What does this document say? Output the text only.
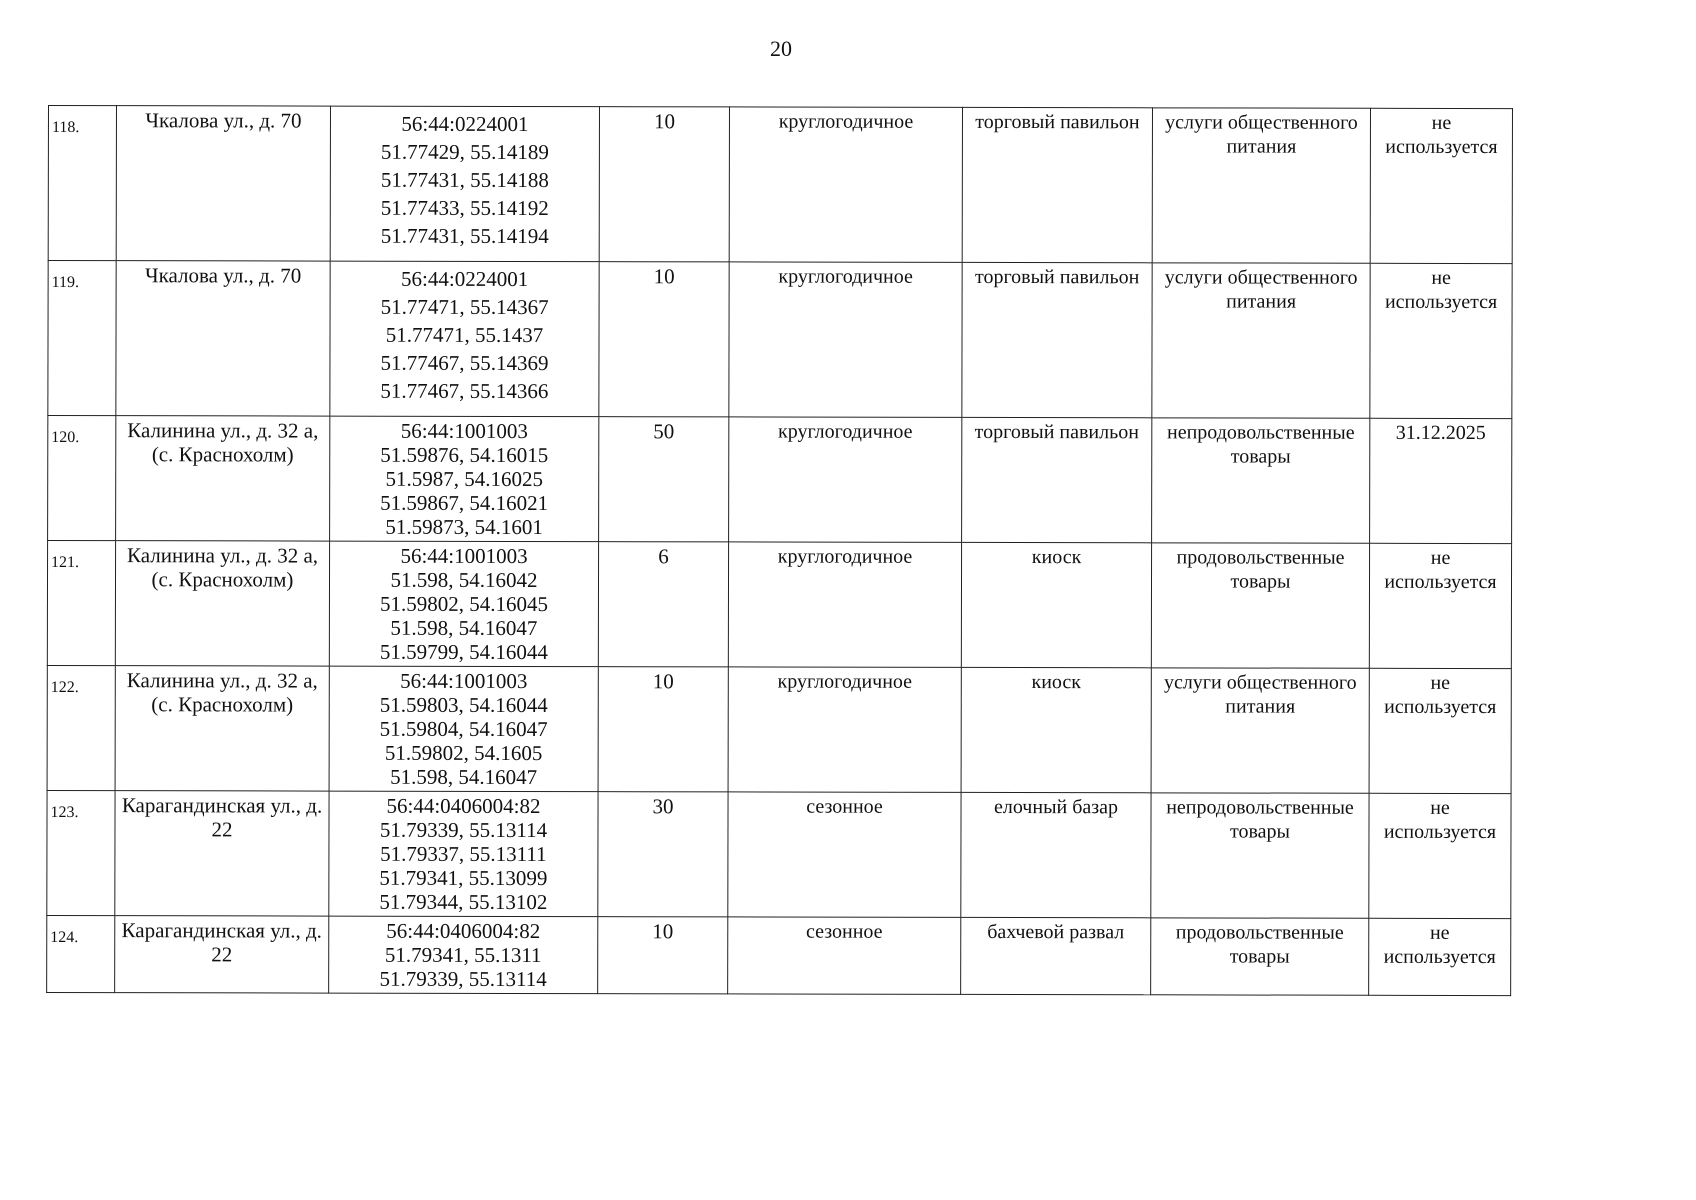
20
118.	Чкалова ул., д. 70	56:44:0224001
51.77429, 55.14189
51.77431, 55.14188
51.77433, 55.14192
51.77431, 55.14194	10	круглогодичное	торговый павильон	услуги общественного питания	не используется
119.	Чкалова ул., д. 70	56:44:0224001
51.77471, 55.14367
51.77471, 55.1437
51.77467, 55.14369
51.77467, 55.14366	10	круглогодичное	торговый павильон	услуги общественного питания	не используется
120.	Калинина ул., д. 32 а, (с. Краснохолм)	56:44:1001003
51.59876, 54.16015
51.5987, 54.16025
51.59867, 54.16021
51.59873, 54.1601	50	круглогодичное	торговый павильон	непродовольственные товары	31.12.2025
121.	Калинина ул., д. 32 а, (с. Краснохолм)	56:44:1001003
51.598, 54.16042
51.59802, 54.16045
51.598, 54.16047
51.59799, 54.16044	6	круглогодичное	киоск	продовольственные товары	не используется
122.	Калинина ул., д. 32 а, (с. Краснохолм)	56:44:1001003
51.59803, 54.16044
51.59804, 54.16047
51.59802, 54.1605
51.598, 54.16047	10	круглогодичное	киоск	услуги общественного питания	не используется
123.	Карагандинская ул., д. 22	56:44:0406004:82
51.79339, 55.13114
51.79337, 55.13111
51.79341, 55.13099
51.79344, 55.13102	30	сезонное	елочный базар	непродовольственные товары	не используется
124.	Карагандинская ул., д. 22	56:44:0406004:82
51.79341, 55.1311
51.79339, 55.13114	10	сезонное	бахчевой развал	продовольственные товары	не используется
